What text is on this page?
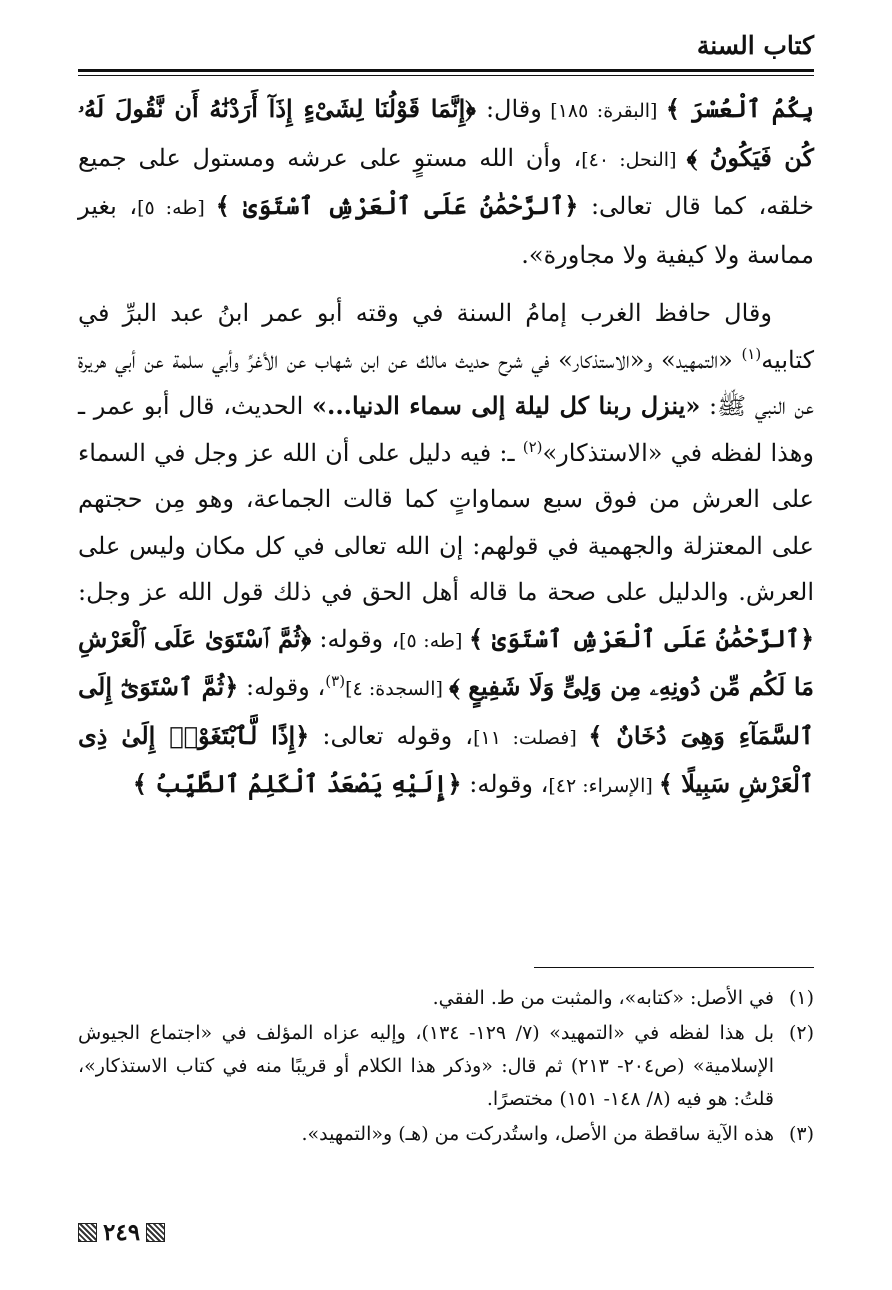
كتاب السنة

بِكُمُ ٱلْعُسْرَ ﴾ [البقرة: ١٨٥] وقال: ﴿إِنَّمَا قَوْلُنَا لِشَىْءٍ إِذَآ أَرَدْنَٰهُ أَن نَّقُولَ لَهُۥ كُن فَيَكُونُ ﴾ [النحل: ٤٠]، وأن الله مستوٍ على عرشه ومستول على جميع خلقه، كما قال تعالى: ﴿ٱلرَّحْمَٰنُ عَلَى ٱلْعَرْشِ ٱسْتَوَىٰ ﴾ [طه: ٥]، بغير مماسة ولا كيفية ولا مجاورة».

وقال حافظ الغرب إمامُ السنة في وقته أبو عمر ابنُ عبد البرِّ في كتابيه$^{(١)}$ «التمهيد» و«الاستذكار» في شرح حديث مالك عن ابن شهاب عن الأغرِّ وأبي سلمة عن أبي هريرة عن النبي ﷺ: «ينزل ربنا كل ليلة إلى سماء الدنيا...» الحديث، قال أبو عمر ـ وهذا لفظه في «الاستذكار»$^{(٢)}$ ـ: فيه دليل على أن الله عز وجل في السماء على العرش من فوق سبع سماواتٍ كما قالت الجماعة، وهو مِن حجتهم على المعتزلة والجهمية في قولهم: إن الله تعالى في كل مكان وليس على العرش. والدليل على صحة ما قاله أهل الحق في ذلك قول الله عز وجل: ﴿ٱلرَّحْمَٰنُ عَلَى ٱلْعَرْشِ ٱسْتَوَىٰ ﴾ [طه: ٥]، وقوله: ﴿ثُمَّ ٱسْتَوَىٰ عَلَى ٱلْعَرْشِ مَا لَكُم مِّن دُونِهِۦ مِن وَلِىٍّ وَلَا شَفِيعٍ ﴾ [السجدة: ٤]$^{(٣)}$، وقوله: ﴿ثُمَّ ٱسْتَوَىٰٓ إِلَى ٱلسَّمَآءِ وَهِىَ دُخَانٌ ﴾ [فصلت: ١١]، وقوله تعالى: ﴿إِذًا لَّٱبْتَغَوْا۟ إِلَىٰ ذِى ٱلْعَرْشِ سَبِيلًا ﴾ [الإسراء: ٤٢]، وقوله: ﴿إِلَيْهِ يَصْعَدُ ٱلْكَلِمُ ٱلطَّيِّبُ ﴾

(١)
في الأصل: «كتابه»، والمثبت من ط. الفقي.
(٢)
بل هذا لفظه في «التمهيد» (٧/ ١٢٩- ١٣٤)، وإليه عزاه المؤلف في «اجتماع الجيوش الإسلامية» (ص٢٠٤- ٢١٣) ثم قال: «وذكر هذا الكلام أو قريبًا منه في كتاب الاستذكار»، قلتُ: هو فيه (٨/ ١٤٨- ١٥١) مختصرًا.
(٣)
هذه الآية ساقطة من الأصل، واستُدركت من (هـ) و«التمهيد».
٢٤٩
